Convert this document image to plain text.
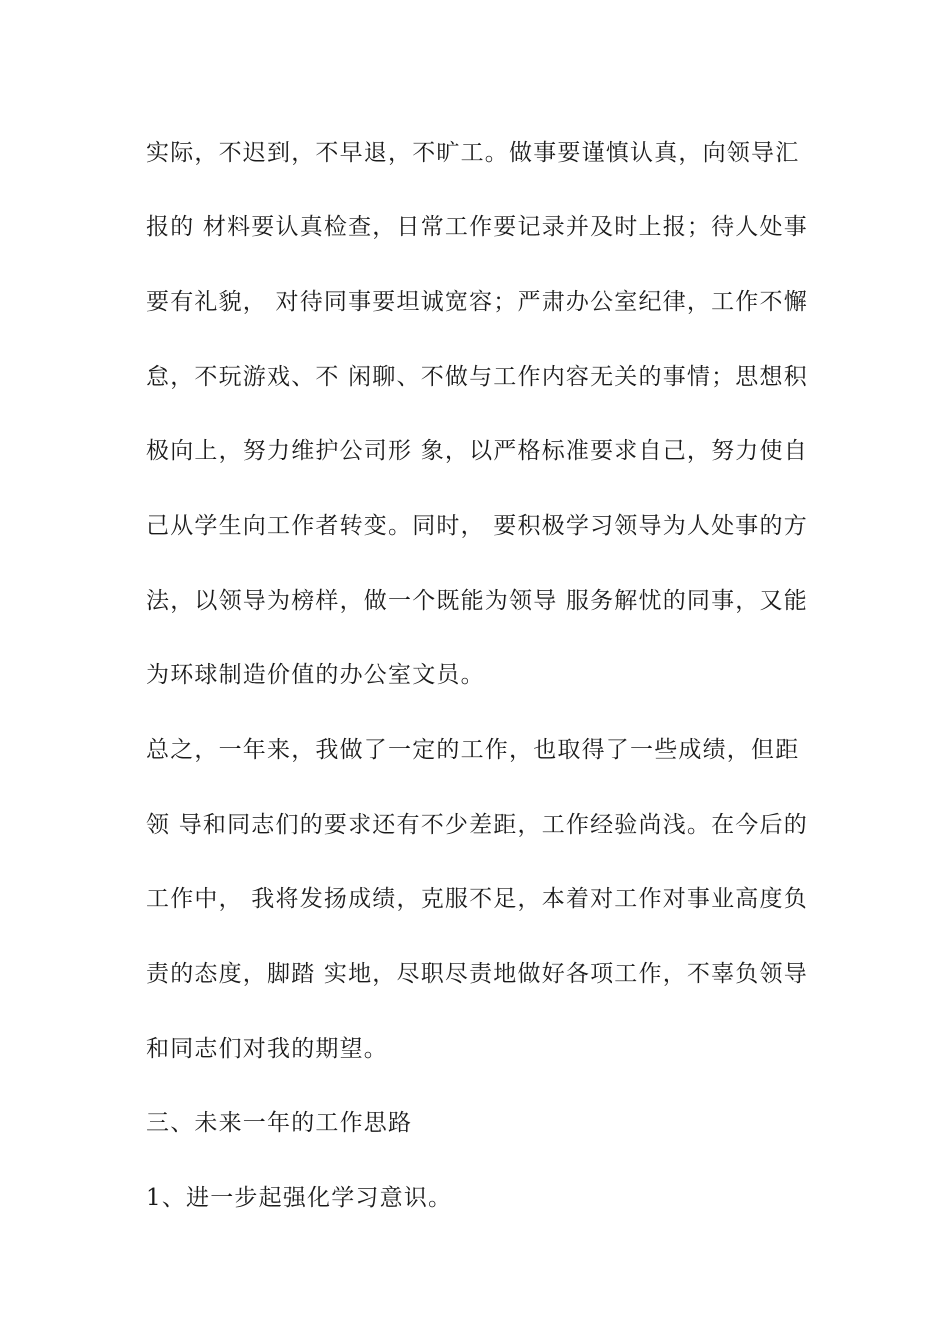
实际，不迟到，不早退，不旷工。做事要谨慎认真，向领导汇
报的 材料要认真检查，日常工作要记录并及时上报；待人处事
要有礼貌， 对待同事要坦诚宽容；严肃办公室纪律，工作不懈
怠，不玩游戏、不 闲聊、不做与工作内容无关的事情；思想积
极向上，努力维护公司形 象，以严格标准要求自己，努力使自
己从学生向工作者转变。同时， 要积极学习领导为人处事的方
法，以领导为榜样，做一个既能为领导 服务解忧的同事，又能
为环球制造价值的办公室文员。
总之，一年来，我做了一定的工作，也取得了一些成绩，但距
领 导和同志们的要求还有不少差距，工作经验尚浅。在今后的
工作中， 我将发扬成绩，克服不足，本着对工作对事业高度负
责的态度，脚踏 实地，尽职尽责地做好各项工作，不辜负领导
和同志们对我的期望。
三、未来一年的工作思路
1、进一步起强化学习意识。
